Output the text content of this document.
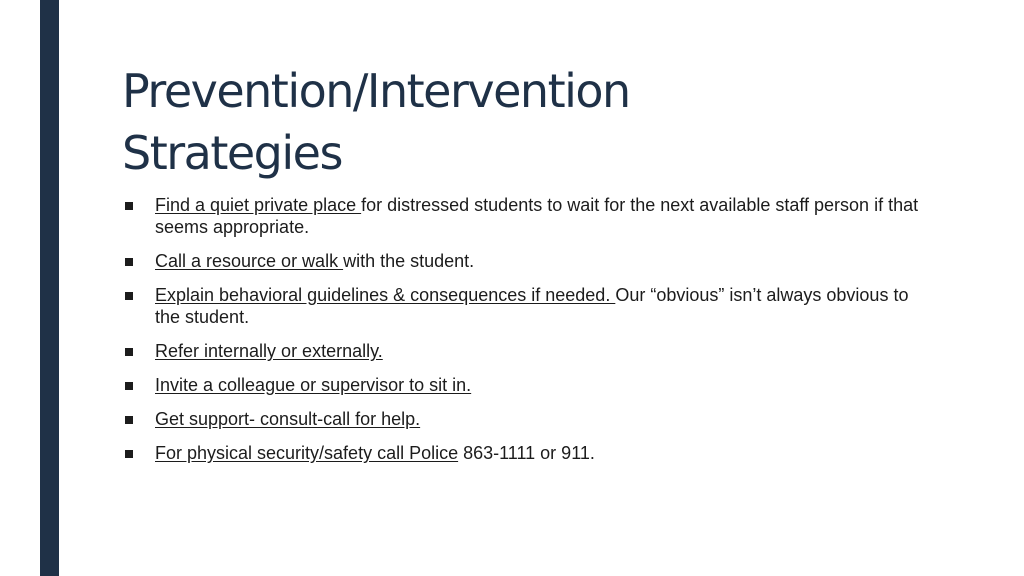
Prevention/Intervention
Strategies
Find a quiet private place for distressed students to wait for the next available staff person if that seems appropriate.
Call a resource or walk with the student.
Explain behavioral guidelines & consequences if needed. Our “obvious” isn’t always obvious to the student.
Refer internally or externally.
Invite a colleague or supervisor to sit in.
Get support- consult-call for help.
For physical security/safety call Police 863-1111 or 911.
